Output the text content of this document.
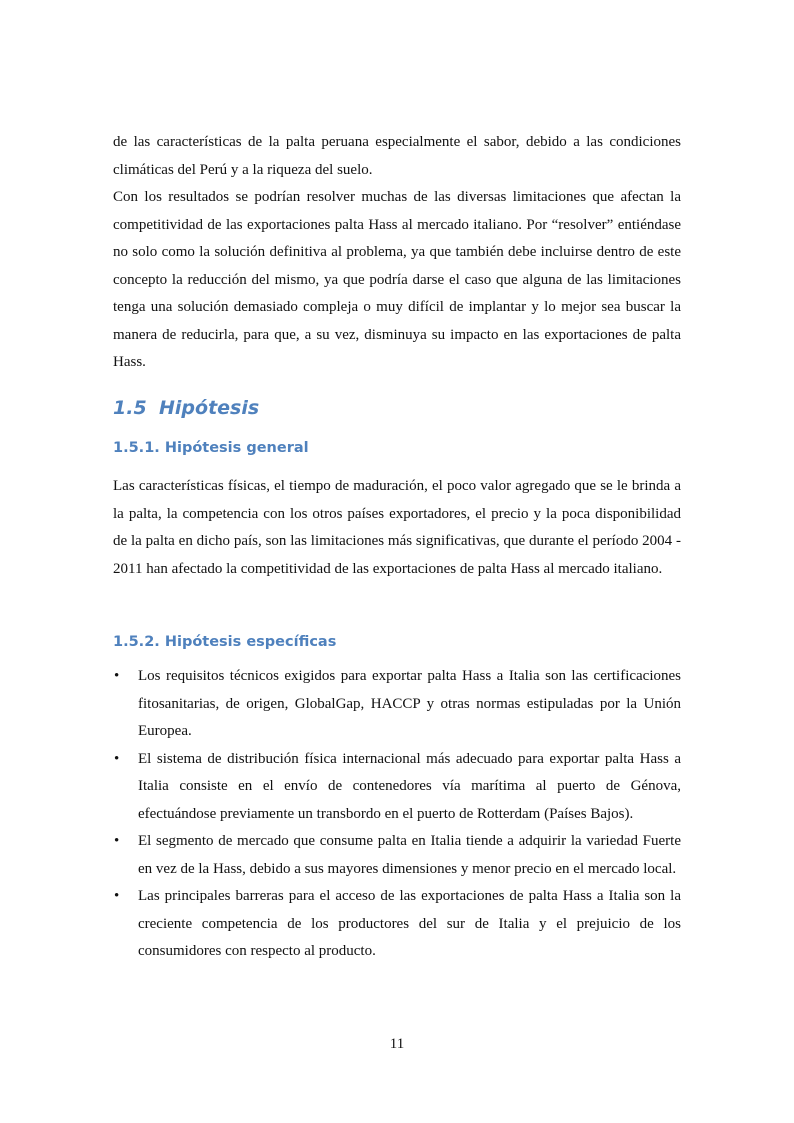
de las características de la palta peruana especialmente el sabor, debido a las condiciones climáticas del Perú y a la riqueza del suelo.

Con los resultados se podrían resolver muchas de las diversas limitaciones que afectan la competitividad de las exportaciones palta Hass al mercado italiano. Por “resolver” entiéndase no solo como la solución definitiva al problema, ya que también debe incluirse dentro de este concepto la reducción del mismo, ya que podría darse el caso que alguna de las limitaciones tenga una solución demasiado compleja o muy difícil de implantar y lo mejor sea buscar la manera de reducirla, para que, a su vez, disminuya su impacto en las exportaciones de palta Hass.

1.5 Hipótesis
1.5.1. Hipótesis general

Las características físicas, el tiempo de maduración, el poco valor agregado que se le brinda a la palta, la competencia con los otros países exportadores, el precio y la poca disponibilidad de la palta en dicho país, son las limitaciones más significativas, que durante el período 2004 - 2011 han afectado la competitividad de las exportaciones de palta Hass al mercado italiano.

1.5.2. Hipótesis específicas
• Los requisitos técnicos exigidos para exportar palta Hass a Italia son las certificaciones fitosanitarias, de origen, GlobalGap, HACCP y otras normas estipuladas por la Unión Europea.
• El sistema de distribución física internacional más adecuado para exportar palta Hass a Italia consiste en el envío de contenedores vía marítima al puerto de Génova, efectuándose previamente un transbordo en el puerto de Rotterdam (Países Bajos).
• El segmento de mercado que consume palta en Italia tiende a adquirir la variedad Fuerte en vez de la Hass, debido a sus mayores dimensiones y menor precio en el mercado local.
• Las principales barreras para el acceso de las exportaciones de palta Hass a Italia son la creciente competencia de los productores del sur de Italia y el prejuicio de los consumidores con respecto al producto.

11
